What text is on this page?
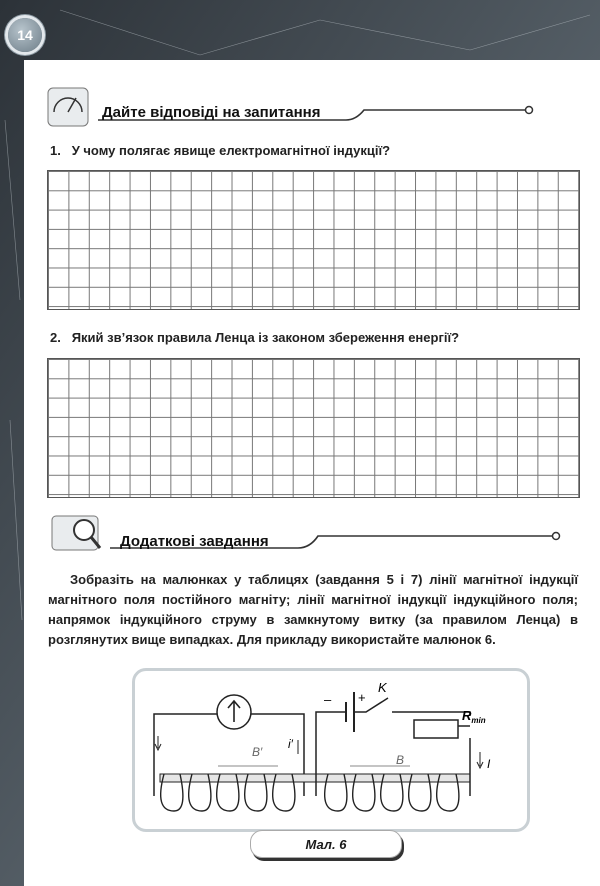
14
Дайте відповіді на запитання
1. У чому полягає явище електромагнітної індукції?
2. Який зв’язок правила Ленца із законом збереження енергії?
Додаткові завдання
Зобразіть на малюнках у таблицях (завдання 5 і 7) лінії магнітної індукції магнітного поля постійного магніту; лінії магнітної індукції індукційного поля; напрямок індукційного струму в замкнутому витку (за правилом Ленца) в розглянутих вище випадках. Для прикладу використайте малюнок 6.
i′
B′
– +
K
$R_{min}$
I
B
Мал. 6
